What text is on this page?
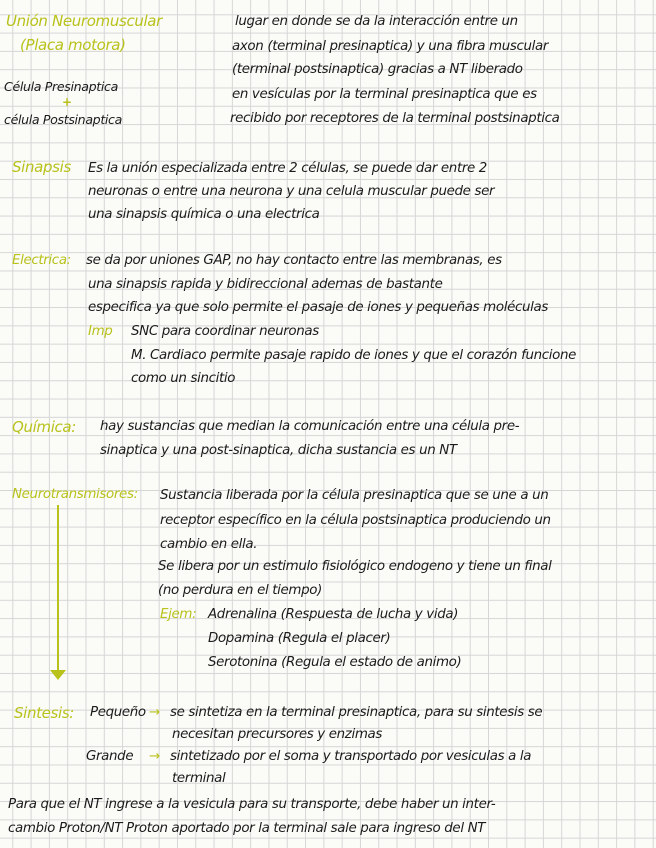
Unión Neuromuscular
(Placa motora)
Célula Presinaptica
+
célula Postsinaptica
lugar en donde se da la interacción entre un
axon (terminal presinaptica) y una fibra muscular
(terminal postsinaptica) gracias a NT liberado
en vesículas por la terminal presinaptica que es
recibido por receptores de la terminal postsinaptica
Sinapsis Es la unión especializada entre 2 células, se puede dar entre 2
neuronas o entre una neurona y una celula muscular puede ser
una sinapsis química o una electrica
Electrica: se da por uniones GAP, no hay contacto entre las membranas, es
una sinapsis rapida y bidireccional ademas de bastante
especifica ya que solo permite el pasaje de iones y pequeñas moléculas
Imp SNC para coordinar neuronas
M. Cardiaco permite pasaje rapido de iones y que el corazón funcione
como un sincitio
Química: hay sustancias que median la comunicación entre una célula pre-
sinaptica y una post-sinaptica, dicha sustancia es un NT
Neurotransmisores: Sustancia liberada por la célula presinaptica que se une a un
receptor específico en la célula postsinaptica produciendo un
cambio en ella.
Se libera por un estimulo fisiológico endogeno y tiene un final
(no perdura en el tiempo)
Ejem: Adrenalina (Respuesta de lucha y vida)
Dopamina (Regula el placer)
Serotonina (Regula el estado de animo)
Sintesis: Pequeño → se sintetiza en la terminal presinaptica, para su sintesis se
necesitan precursores y enzimas
Grande → sintetizado por el soma y transportado por vesiculas a la
terminal
Para que el NT ingrese a la vesicula para su transporte, debe haber un inter-
cambio Proton/NT Proton aportado por la terminal sale para ingreso del NT
